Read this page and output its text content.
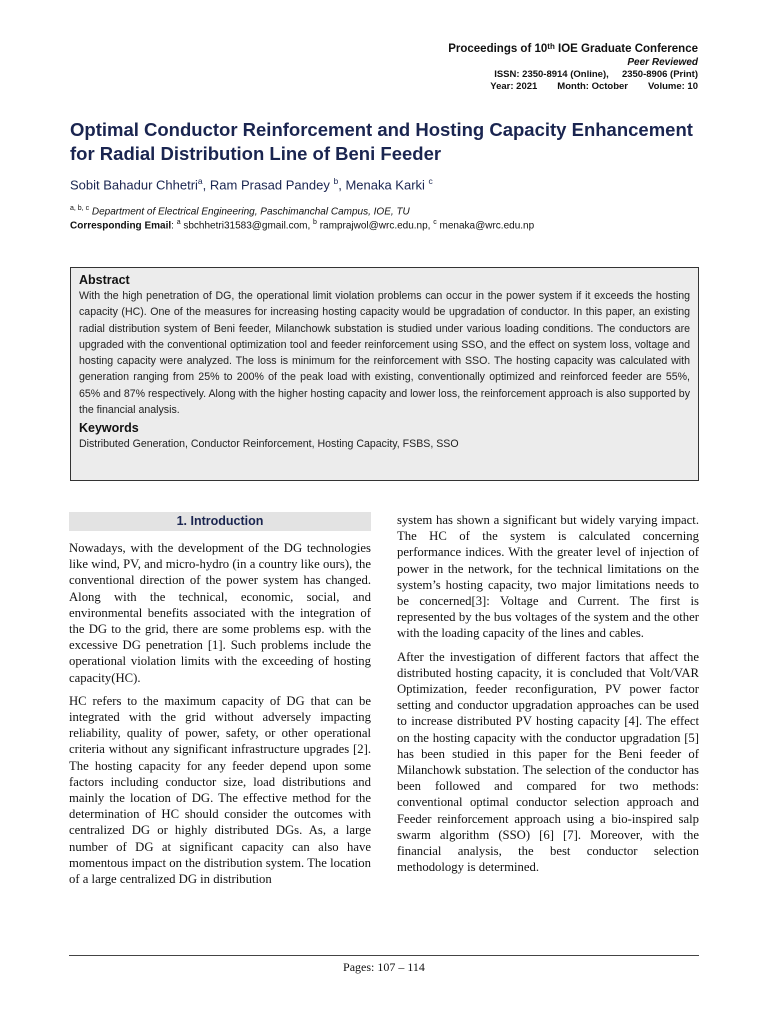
Proceedings of 10th IOE Graduate Conference
Peer Reviewed
ISSN: 2350-8914 (Online),     2350-8906 (Print)
Year: 2021 Month: October Volume: 10
Optimal Conductor Reinforcement and Hosting Capacity Enhancement for Radial Distribution Line of Beni Feeder
Sobit Bahadur Chhetri$^a$, Ram Prasad Pandey $^b$, Menaka Karki $^c$
$^{a, b, c}$ Department of Electrical Engineering, Paschimanchal Campus, IOE, TU
Corresponding Email: $^a$ sbchhetri31583@gmail.com, $^b$ ramprajwol@wrc.edu.np, $^c$ menaka@wrc.edu.np
Abstract

With the high penetration of DG, the operational limit violation problems can occur in the power system if it exceeds the hosting capacity (HC). One of the measures for increasing hosting capacity would be upgradation of conductor. In this paper, an existing radial distribution system of Beni feeder, Milanchowk substation is studied under various loading conditions. The conductors are upgraded with the conventional optimization tool and feeder reinforcement using SSO, and the effect on system loss, voltage and hosting capacity were analyzed. The loss is minimum for the reinforcement with SSO. The hosting capacity was calculated with generation ranging from 25% to 200% of the peak load with existing, conventionally optimized and reinforced feeder are 55%, 65% and 87% respectively. Along with the higher hosting capacity and lower loss, the reinforcement approach is also supported by the financial analysis.

Keywords

Distributed Generation, Conductor Reinforcement, Hosting Capacity, FSBS, SSO

1. Introduction

Nowadays, with the development of the DG technologies like wind, PV, and micro-hydro (in a country like ours), the conventional direction of the power system has changed. Along with the technical, economic, social, and environmental benefits associated with the integration of the DG to the grid, there are some problems esp. with the excessive DG penetration [1]. Such problems include the operational violation limits with the exceeding of hosting capacity(HC).

HC refers to the maximum capacity of DG that can be integrated with the grid without adversely impacting reliability, quality of power, safety, or other operational criteria without any significant infrastructure upgrades [2]. The hosting capacity for any feeder depend upon some factors including conductor size, load distributions and mainly the location of DG. The effective method for the determination of HC should consider the outcomes with centralized DG or highly distributed DGs. As, a large number of DG at significant capacity can also have momentous impact on the distribution system. The location of a large centralized DG in distribution

system has shown a significant but widely varying impact. The HC of the system is calculated concerning performance indices. With the greater level of injection of power in the network, for the technical limitations on the system’s hosting capacity, two major limitations needs to be concerned[3]: Voltage and Current. The first is represented by the bus voltages of the system and the other with the loading capacity of the lines and cables.

After the investigation of different factors that affect the distributed hosting capacity, it is concluded that Volt/VAR Optimization, feeder reconfiguration, PV power factor setting and conductor upgradation approaches can be used to increase distributed PV hosting capacity [4]. The effect on the hosting capacity with the conductor upgradation [5] has been studied in this paper for the Beni feeder of Milanchowk substation. The selection of the conductor has been followed and compared for two methods: conventional optimal conductor selection approach and Feeder reinforcement approach using a bio-inspired salp swarm algorithm (SSO) [6] [7]. Moreover, with the financial analysis, the best conductor selection methodology is determined.

Pages: 107 – 114
